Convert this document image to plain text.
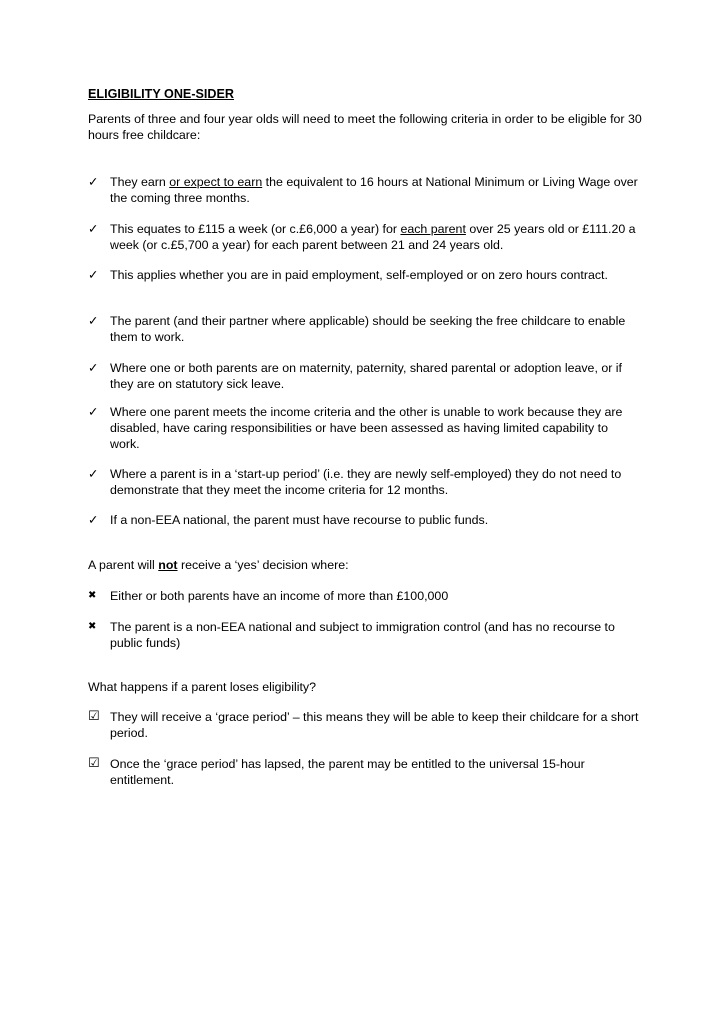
ELIGIBILITY ONE-SIDER
Parents of three and four year olds will need to meet the following criteria in order to be eligible for 30 hours free childcare:
✓ They earn or expect to earn the equivalent to 16 hours at National Minimum or Living Wage over the coming three months.
✓ This equates to £115 a week (or c.£6,000 a year) for each parent over 25 years old or £111.20 a week (or c.£5,700 a year) for each parent between 21 and 24 years old.
✓ This applies whether you are in paid employment, self-employed or on zero hours contract.
✓ The parent (and their partner where applicable) should be seeking the free childcare to enable them to work.
✓ Where one or both parents are on maternity, paternity, shared parental or adoption leave, or if they are on statutory sick leave.
✓ Where one parent meets the income criteria and the other is unable to work because they are disabled, have caring responsibilities or have been assessed as having limited capability to work.
✓ Where a parent is in a ‘start-up period’ (i.e. they are newly self-employed) they do not need to demonstrate that they meet the income criteria for 12 months.
✓ If a non-EEA national, the parent must have recourse to public funds.
A parent will not receive a ‘yes’ decision where:
✖	Either or both parents have an income of more than £100,000
✖	The parent is a non-EEA national and subject to immigration control (and has no recourse to public funds)
What happens if a parent loses eligibility?
☑ They will receive a ‘grace period’ – this means they will be able to keep their childcare for a short period.
☑ Once the ‘grace period’ has lapsed, the parent may be entitled to the universal 15-hour entitlement.
